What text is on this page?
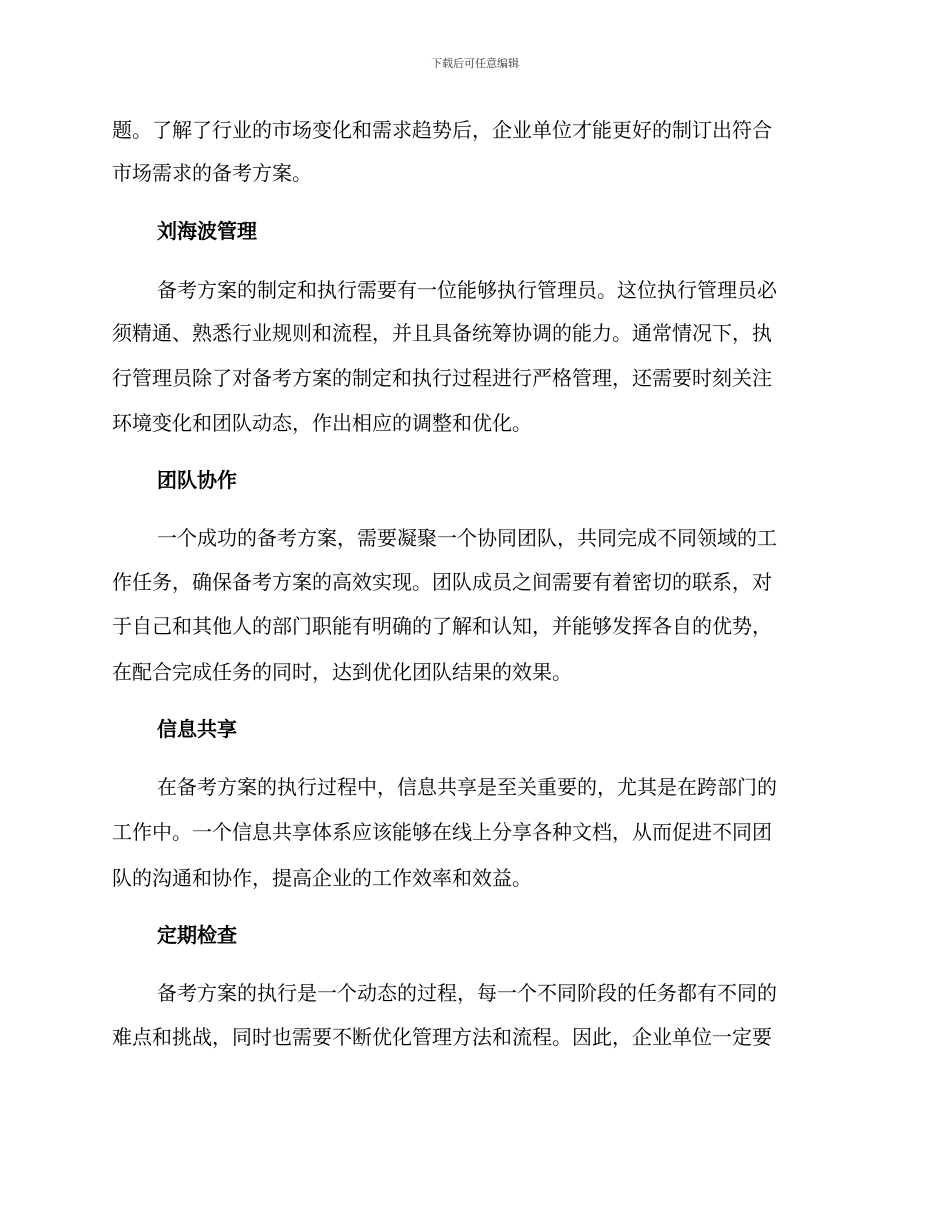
下载后可任意编辑
题。了解了行业的市场变化和需求趋势后，企业单位才能更好的制订出符合
市场需求的备考方案。
刘海波管理
备考方案的制定和执行需要有一位能够执行管理员。这位执行管理员必
须精通、熟悉行业规则和流程，并且具备统筹协调的能力。通常情况下，执
行管理员除了对备考方案的制定和执行过程进行严格管理，还需要时刻关注
环境变化和团队动态，作出相应的调整和优化。
团队协作
一个成功的备考方案，需要凝聚一个协同团队，共同完成不同领域的工
作任务，确保备考方案的高效实现。团队成员之间需要有着密切的联系，对
于自己和其他人的部门职能有明确的了解和认知，并能够发挥各自的优势，
在配合完成任务的同时，达到优化团队结果的效果。
信息共享
在备考方案的执行过程中，信息共享是至关重要的，尤其是在跨部门的
工作中。一个信息共享体系应该能够在线上分享各种文档，从而促进不同团
队的沟通和协作，提高企业的工作效率和效益。
定期检查
备考方案的执行是一个动态的过程，每一个不同阶段的任务都有不同的
难点和挑战，同时也需要不断优化管理方法和流程。因此，企业单位一定要
